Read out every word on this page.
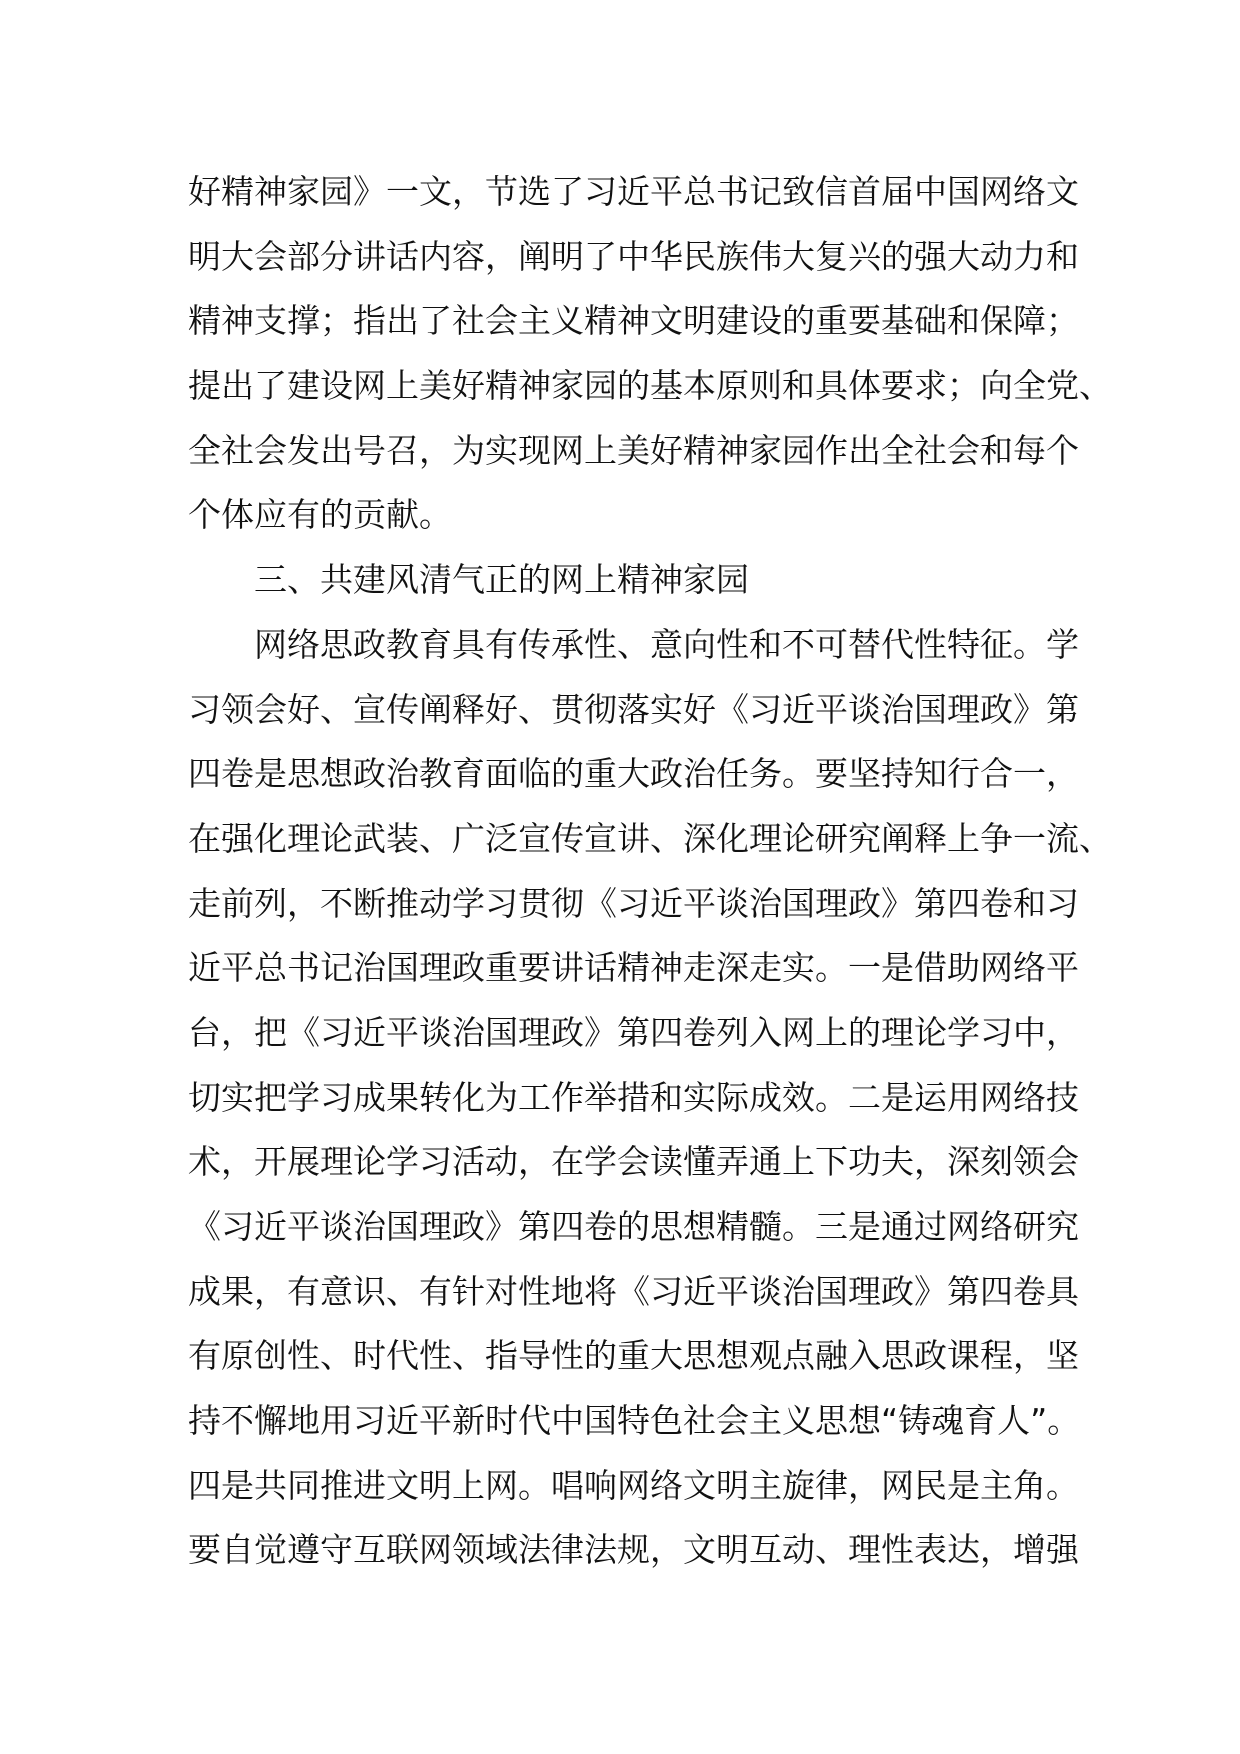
好精神家园》一文，节选了习近平总书记致信首届中国网络文
明大会部分讲话内容，阐明了中华民族伟大复兴的强大动力和
精神支撑；指出了社会主义精神文明建设的重要基础和保障；
提出了建设网上美好精神家园的基本原则和具体要求；向全党、
全社会发出号召，为实现网上美好精神家园作出全社会和每个
个体应有的贡献。
三、共建风清气正的网上精神家园
网络思政教育具有传承性、意向性和不可替代性特征。学
习领会好、宣传阐释好、贯彻落实好《习近平谈治国理政》第
四卷是思想政治教育面临的重大政治任务。要坚持知行合一，
在强化理论武装、广泛宣传宣讲、深化理论研究阐释上争一流、
走前列，不断推动学习贯彻《习近平谈治国理政》第四卷和习
近平总书记治国理政重要讲话精神走深走实。一是借助网络平
台，把《习近平谈治国理政》第四卷列入网上的理论学习中，
切实把学习成果转化为工作举措和实际成效。二是运用网络技
术，开展理论学习活动，在学会读懂弄通上下功夫，深刻领会
《习近平谈治国理政》第四卷的思想精髓。三是通过网络研究
成果，有意识、有针对性地将《习近平谈治国理政》第四卷具
有原创性、时代性、指导性的重大思想观点融入思政课程，坚
持不懈地用习近平新时代中国特色社会主义思想“铸魂育人”。
四是共同推进文明上网。唱响网络文明主旋律，网民是主角。
要自觉遵守互联网领域法律法规，文明互动、理性表达，增强
